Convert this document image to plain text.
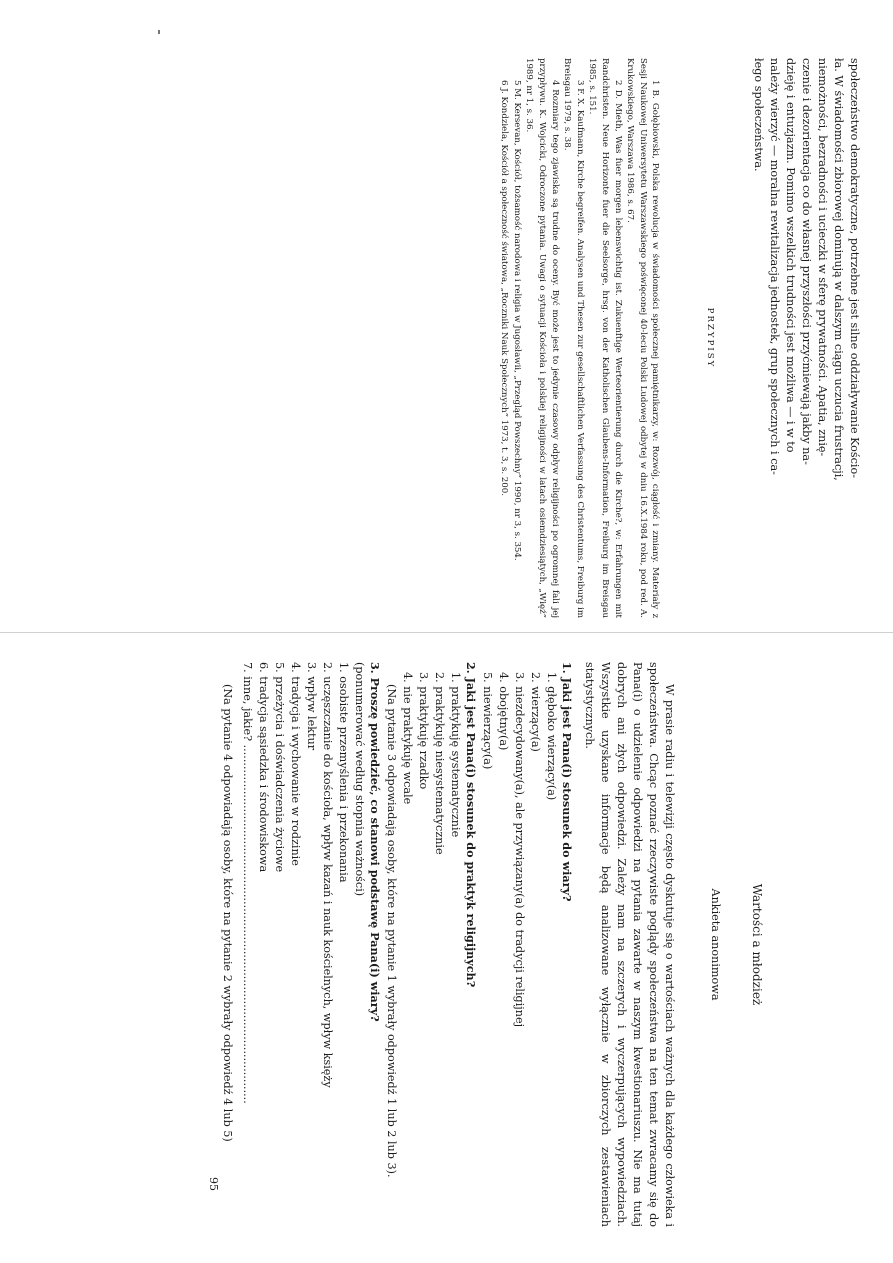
społeczeństwo demokratyczne, potrzebne jest silne oddziaływanie Kościo-

ła. W świadomości zbiorowej dominują w dalszym ciągu uczucia frustracji,

niemożności, bezradności i ucieczki w sferę prywatności. Apatia, znię-

czenie i dezorientacja co do własnej przyszłości przyćmiewają jakby na-

dzieję i entuzjazm. Pomimo wszelkich trudności jest możliwa — i w to

należy wierzyć — moralna rewitalizacja jednostek, grup społecznych i ca-

łego społeczeństwa.

PRZYPISY

1 B. Gołębiowski, Polska rewolucja w świadomości społecznej pamiętnikarzy, w: Rozwój, ciągłość i zmiany. Materiały z Sesji Naukowej Uniwersytetu Warszawskiego poświęconej 40-leciu Polski Ludowej odbytej w dniu 16.X.1984 roku, pod red. A. Krukowskiego, Warszawa 1986, s. 67.

2 D. Mieth, Was fuer morgen lebenswichtig ist. Zukuenftige Werteorientierung durch die Kirche?, w: Erfahrungen mit Randchristen. Neue Horizonte fuer die Seelsorge, hrsg. von der Katholischen Glaubens-Information, Freiburg im Breisgau 1985, s. 151.

3 F. X. Kaufmann, Kirche begreifen. Analysen und Thesen zur gesellschaftlichen Verfassung des Christentums, Freiburg im Breisgau 1979, s. 38.

4 Rozmiary tego zjawiska są trudne do oceny. Być może jest to jedynie czasowy odpływ religijności po ogromnej fali jej przypływu. K. Wojcicki, Odroczone pytania. Uwagi o sytuacji Kościoła i polskiej religijności w latach osiemdziesiątych, „Więź” 1989, nr 1, s. 36.

5 M. Kersevan, Kościół, tożsamość narodowa i religia w Jugosławii, „Przegląd Powszechny” 1990, nr 3, s. 354.

6 J. Kondziela, Kościół a społeczność światowa, „Roczniki Nauk Społecznych” 1973, t. 3, s. 200.

Wartości a młodzież

Ankieta anonimowa

W prasie radiu i telewizji często dyskutuje się o wartościach ważnych dla każdego człowieka i społeczeństwa. Chcąc poznać rzeczywiste poglądy społeczeństwa na ten temat zwracamy się do Pana(i) o udzielenie odpowiedzi na pytania zawarte w naszym kwestionariuszu. Nie ma tutaj dobrych ani złych odpowiedzi. Zależy nam na szczerych i wyczerpujących wypowiedziach. Wszystkie uzyskane informacje będą analizowane wyłącznie w zbiorczych zestawieniach statystycznych.

1. Jaki jest Pana(i) stosunek do wiary?

1. głęboko wierzący(a)

2. wierzący(a)

3. niezdecydowany(a), ale przywiązany(a) do tradycji religijnej

4. obojętny(a)

5. niewierzący(a)

2. Jaki jest Pana(i) stosunek do praktyk religijnych?

1. praktykuję systematycznie

2. praktykuję niesystematycznie

3. praktykuję rzadko

4. nie praktykuję wcale

(Na pytanie 3 odpowiadają osoby, które na pytanie 1 wybrały odpowiedź 1 lub 2 lub 3).

3. Proszę powiedzieć, co stanowi podstawę Pana(i) wiary?

(ponumerować według stopnia ważności)

1. osobiste przemyślenia i przekonania

2. uczęszczanie do kościoła, wpływ kazań i nauk kościelnych, wpływ księży

3. wpływ lektur

4. tradycja i wychowanie w rodzinie

5. przeżycia i doświadczenia życiowe

6. tradycja sąsiedzka i środowiskowa

7. inne, jakie? .....................................................................................................

(Na pytanie 4 odpowiadają osoby, które na pytanie 2 wybrały odpowiedź 4 lub 5)

95
